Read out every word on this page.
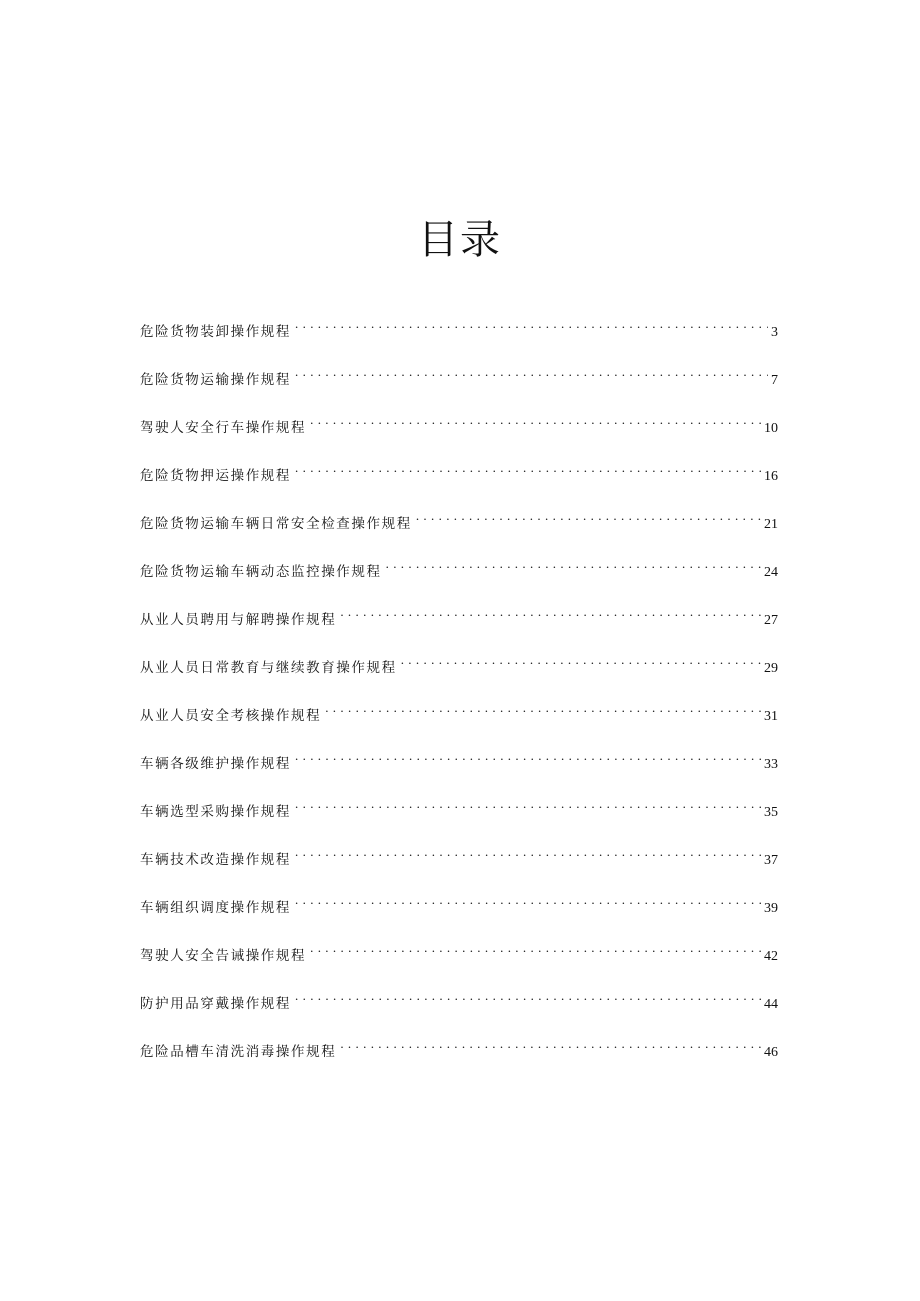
目录
危险货物装卸操作规程 . . .	3
危险货物运输操作规程 . . .	7
驾驶人安全行车操作规程 . . .	10
危险货物押运操作规程 . . .	16
危险货物运输车辆日常安全检查操作规程 . . .	21
危险货物运输车辆动态监控操作规程 . . .	24
从业人员聘用与解聘操作规程 . . .	27
从业人员日常教育与继续教育操作规程 . . .	29
从业人员安全考核操作规程 . . .	31
车辆各级维护操作规程 . . .	33
车辆选型采购操作规程 . . .	35
车辆技术改造操作规程 . . .	37
车辆组织调度操作规程 . . .	39
驾驶人安全告诫操作规程 . . .	42
防护用品穿戴操作规程 . . .	44
危险品槽车清洗消毒操作规程 . . .	46
